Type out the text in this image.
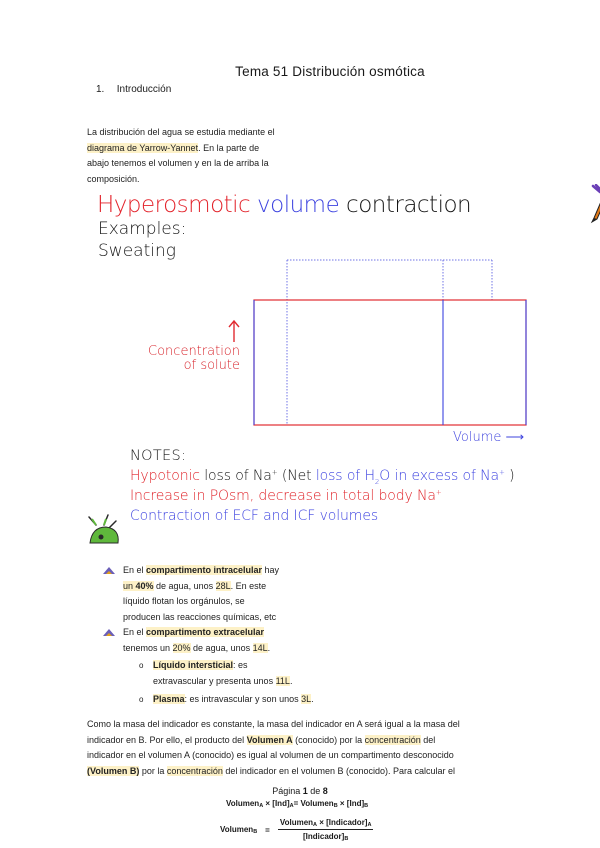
Tema 51 Distribución osmótica
1. Introducción
La distribución del agua se estudia mediante el
diagrama de Yarrow-Yannet. En la parte de
abajo tenemos el volumen y en la de arriba la
composición.
Hyperosmotic volume contraction
Examples:
Sweating
Concentration
of solute
Volume ⟶
NOTES:
Hypotonic loss of Na+ (Net loss of $H_2O$ in excess of Na+ )
Increase in POsm, decrease in total body Na+
Contraction of ECF and ICF volumes
En el compartimento intracelular hay
un 40% de agua, unos 28L. En este
líquido flotan los orgánulos, se
producen las reacciones químicas, etc
En el compartimento extracelular
tenemos un 20% de agua, unos 14L.
o Líquido intersticial: es
extravascular y presenta unos 11L.
o Plasma: es intravascular y son unos 3L.
Como la masa del indicador es constante, la masa del indicador en A será igual a la masa del
indicador en B. Por ello, el producto del Volumen A (conocido) por la concentración del
indicador en el volumen A (conocido) es igual al volumen de un compartimento desconocido
(Volumen B) por la concentración del indicador en el volumen B (conocido). Para calcular el
Página 1 de 8
Volumen$_A$ × $[Ind]_A=$ Volumen$_B$ × $[Ind]_B$
Volumen$_B$ =
Volumen$_A$ × $[Indicador]_A$
$[Indicador]_B$
